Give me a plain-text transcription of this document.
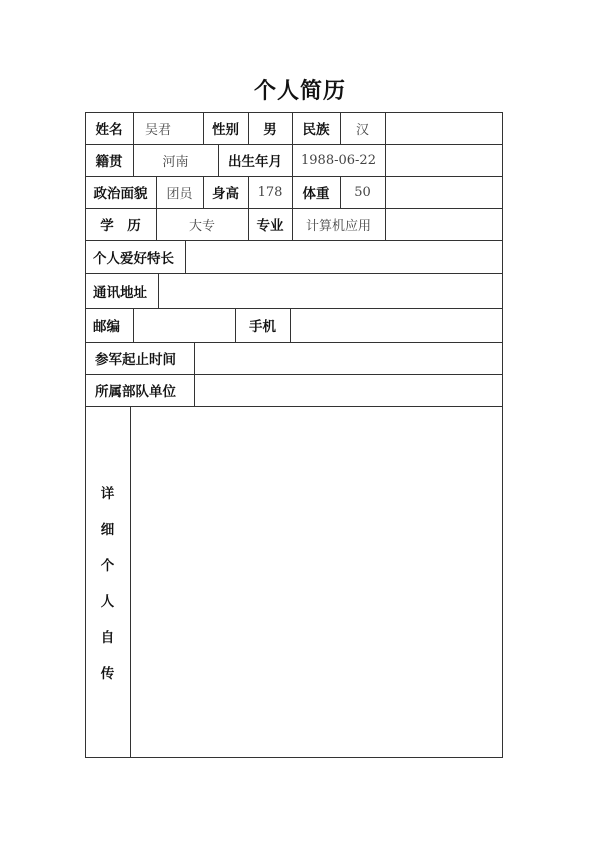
个人简历
姓名	吴君	性别	男	民族	汉
籍贯	河南	出生年月	1988-06-22
政治面貌	团员	身高	178	体重	50
学　历	大专	专业	计算机应用
个人爱好特长
通讯地址
邮编	手机
参军起止时间
所属部队单位
详
细
个
人
自
传
